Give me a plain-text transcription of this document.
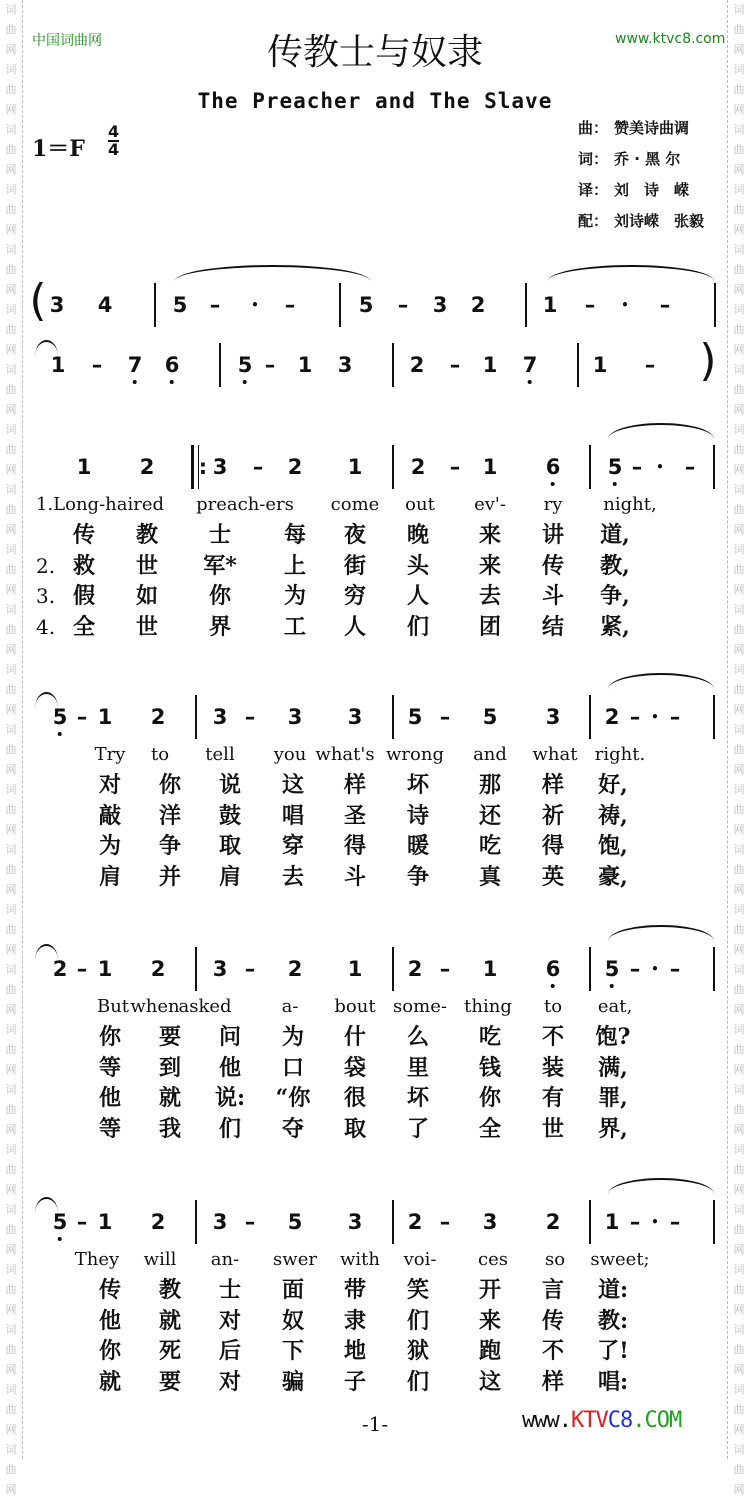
词
曲
网
词
曲
网
词
曲
网
词
曲
网
词
曲
网
词
曲
网
词
曲
网
词
曲
网
词
曲
网
词
曲
网
词
曲
网
词
曲
网
词
曲
网
词
曲
网
词
曲
网
词
曲
网
词
曲
网
词
曲
网
词
曲
网
词
曲
网
词
曲
网
词
曲
网
词
曲
网
词
曲
网
词
曲
网
词
曲
网
词
曲
网
词
曲
网
词
曲
网
词
曲
网
词
曲
网
词
曲
网
词
曲
网
词
曲
网
词
曲
网
词
曲
网
词
曲
网
词
曲
网
词
曲
网
词
曲
网
词
曲
网
词
曲
网
词
曲
网
词
曲
网
词
曲
网
词
曲
网
词
曲
网
词
曲
网
词
曲
网
词
曲
网
中国词曲网	www.ktvc8.com
传教士与奴隶
The Preacher and The Slave
1＝F
4
4
曲： 赞美诗曲调
词： 乔 · 黑 尔
译： 刘　诗　嵘
配： 刘诗嵘　张毅
( 3 4	5 –	• –	5 – 3 2	1 – • –
1 – 7 6	5 – 1 3	2 – 1 7	1 – )
1 2 : 3 – 2 1 2 – 1 6 5 – • –
1.Long-haired preach-ers come out ev'- ry night,
传 教 士 每 夜 晚 来 讲 道,
2. 救 世 军* 上 街 头 来 传 教,
3. 假 如 你 为 穷 人 去 斗 争,
4. 全 世 界 工 人 们 团 结 紧,
5 – 1 2 3 – 3 3 5 – 5 3 2 – • –
Try to tell you what's wrong and what right.
对 你 说 这 样 坏 那 样 好,
敲 洋 鼓 唱 圣 诗 还 祈 祷,
为 争 取 穿 得 暖 吃 得 饱,
肩 并 肩 去 斗 争 真 英 豪,
2 – 1 2 3 – 2 1 2 – 1 6 5 – • –
But when
asked	a- bout some- thing to eat,
你 要 问 为 什 么 吃 不 饱?
等 到 他 口 袋 里 钱 装 满,
他 就 说: “你 很 坏 你 有 罪,
等 我 们 夺 取 了 全 世 界,
5 – 1 2 3 – 5 3 2 – 3 2 1 – • –
They will an- swer with voi- ces so sweet;
传 教 士 面 带 笑 开 言 道:
他 就 对 奴 隶 们 来 传 教:
你 死 后 下 地 狱 跑 不 了!
就 要 对 骗 子 们 这 样 唱:
-1-	www.KTVC8.COM
